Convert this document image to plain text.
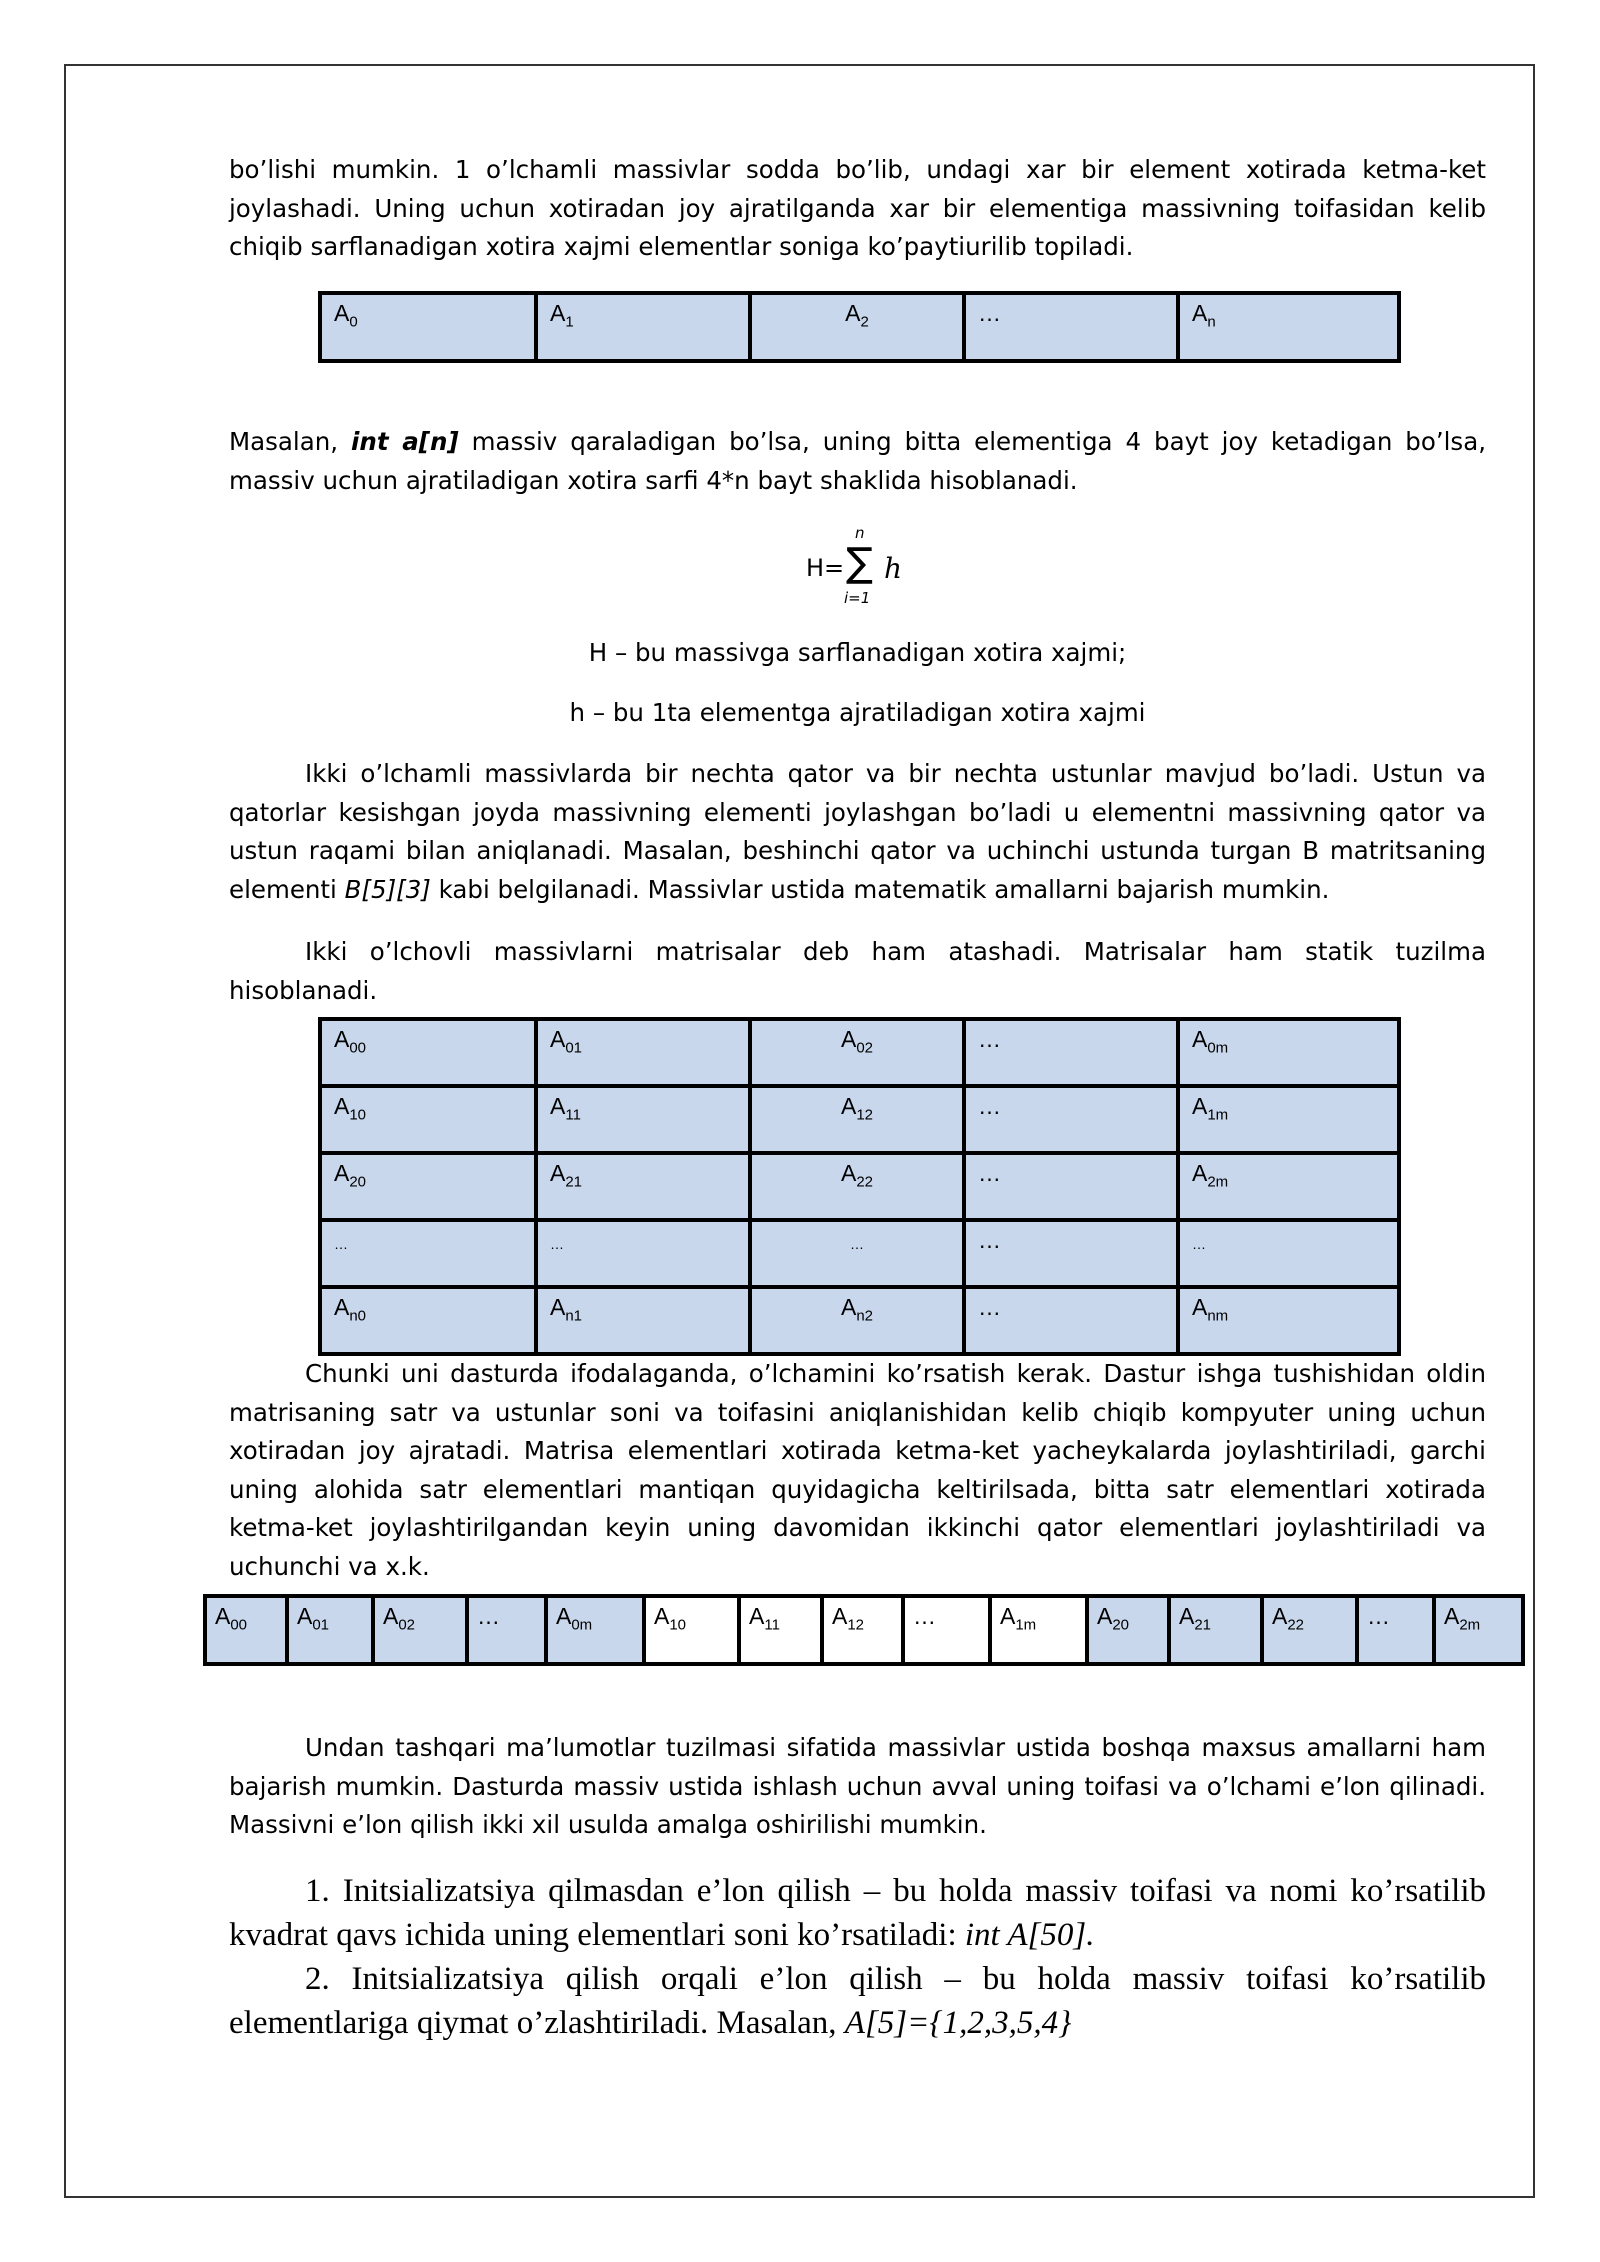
bo’lishi mumkin. 1 o’lchamli massivlar sodda bo’lib, undagi xar bir element xotirada ketma-ket joylashadi. Uning uchun xotiradan joy ajratilganda xar bir elementiga massivning toifasidan kelib chiqib sarflanadigan xotira xajmi elementlar soniga ko’paytiurilib topiladi.

$A_0$	$A_1$	$A_2$	…	$A_n$

Masalan, int a[n] massiv qaraladigan bo’lsa, uning bitta elementiga 4 bayt joy ketadigan bo’lsa, massiv uchun ajratiladigan xotira sarfi 4*n bayt shaklida hisoblanadi.

H=
n
∑
i=1
h
H – bu massivga sarflanadigan xotira xajmi;
h – bu 1ta elementga ajratiladigan xotira xajmi

Ikki o’lchamli massivlarda bir nechta qator va bir nechta ustunlar mavjud bo’ladi. Ustun va qatorlar kesishgan joyda massivning elementi joylashgan bo’ladi u elementni massivning qator va ustun raqami bilan aniqlanadi. Masalan, beshinchi qator va uchinchi ustunda turgan B matritsaning elementi B[5][3] kabi belgilanadi. Massivlar ustida matematik amallarni bajarish mumkin.

Ikki o’lchovli massivlarni matrisalar deb ham atashadi. Matrisalar ham statik tuzilma hisoblanadi.

$A_{00}$	$A_{01}$	$A_{02}$	…	$A_{0m}$
$A_{10}$	$A_{11}$	$A_{12}$	…	$A_{1m}$
$A_{20}$	$A_{21}$	$A_{22}$	…	$A_{2m}$
…	…	…	…	…
$A_{n0}$	$A_{n1}$	$A_{n2}$	…	$A_{nm}$

Chunki uni dasturda ifodalaganda, o’lchamini ko’rsatish kerak. Dastur ishga tushishidan oldin matrisaning satr va ustunlar soni va toifasini aniqlanishidan kelib chiqib kompyuter uning uchun xotiradan joy ajratadi. Matrisa elementlari xotirada ketma-ket yacheykalarda joylashtiriladi, garchi uning alohida satr elementlari mantiqan quyidagicha keltirilsada, bitta satr elementlari xotirada ketma-ket joylashtirilgandan keyin uning davomidan ikkinchi qator elementlari joylashtiriladi va uchunchi va x.k.

$A_{00}$	$A_{01}$	$A_{02}$	…	$A_{0m}$	$A_{10}$	$A_{11}$	$A_{12}$	…	$A_{1m}$	$A_{20}$	$A_{21}$	$A_{22}$	…	$A_{2m}$

Undan tashqari ma’lumotlar tuzilmasi sifatida massivlar ustida boshqa maxsus amallarni ham bajarish mumkin. Dasturda massiv ustida ishlash uchun avval uning toifasi va o’lchami e’lon qilinadi. Massivni e’lon qilish ikki xil usulda amalga oshirilishi mumkin.

1. Initsializatsiya qilmasdan e’lon qilish – bu holda massiv toifasi va nomi ko’rsatilib kvadrat qavs ichida uning elementlari soni ko’rsatiladi: int A[50].

2. Initsializatsiya qilish orqali e’lon qilish – bu holda massiv toifasi ko’rsatilib elementlariga qiymat o’zlashtiriladi. Masalan, A[5]={1,2,3,5,4}
